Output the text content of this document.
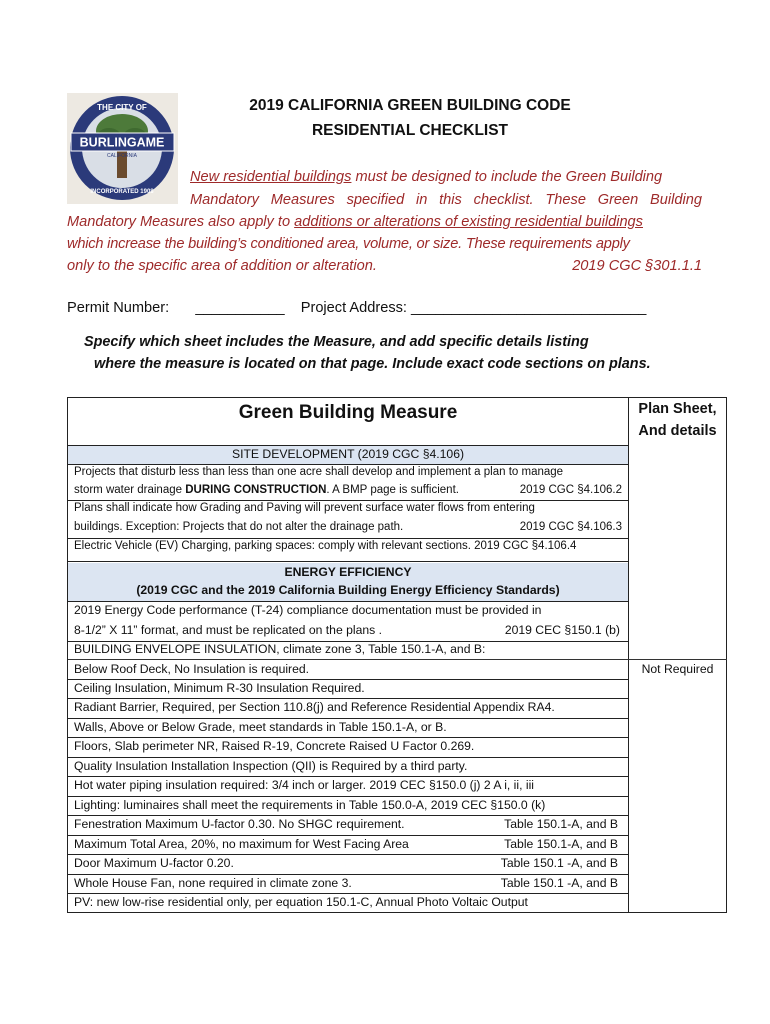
BURLINGAME
CALIFORNIA
THE CITY OF
INCORPORATED 1908
2019 CALIFORNIA GREEN BUILDING CODE
RESIDENTIAL CHECKLIST
New residential buildings must be designed to include the Green Building
Mandatory Measures specified in this checklist. These Green Building
Mandatory Measures also apply to additions or alterations of existing residential buildings
which increase the building’s conditioned area, volume, or size. These requirements apply
only to the specific area of addition or alteration.	2019 CGC §301.1.1
Permit Number: ___________ Project Address: _____________________________
Specify which sheet includes the Measure, and add specific details listing
where the measure is located on that page. Include exact code sections on plans.
Green Building Measure	Plan Sheet,
And details
SITE DEVELOPMENT (2019 CGC §4.106)
Projects that disturb less than less than one acre shall develop and implement a plan to manage
storm water drainage DURING CONSTRUCTION. A BMP page is sufficient.	2019 CGC §4.106.2
Plans shall indicate how Grading and Paving will prevent surface water flows from entering
buildings. Exception: Projects that do not alter the drainage path.	2019 CGC §4.106.3
Electric Vehicle (EV) Charging, parking spaces: comply with relevant sections. 2019 CGC §4.106.4
ENERGY EFFICIENCY
(2019 CGC and the 2019 California Building Energy Efficiency Standards)
2019 Energy Code performance (T-24) compliance documentation must be provided in
8-1/2” X 11” format, and must be replicated on the plans .	2019 CEC §150.1 (b)
BUILDING ENVELOPE INSULATION, climate zone 3, Table 150.1-A, and B:
Below Roof Deck, No Insulation is required.	Not Required
Ceiling Insulation, Minimum R-30 Insulation Required.
Radiant Barrier, Required, per Section 110.8(j) and Reference Residential Appendix RA4.
Walls, Above or Below Grade, meet standards in Table 150.1-A, or B.
Floors, Slab perimeter NR, Raised R-19, Concrete Raised U Factor 0.269.
Quality Insulation Installation Inspection (QII) is Required by a third party.
Hot water piping insulation required: 3/4 inch or larger. 2019 CEC §150.0 (j) 2 A i, ii, iii
Lighting: luminaires shall meet the requirements in Table 150.0-A, 2019 CEC §150.0 (k)
Fenestration Maximum U-factor 0.30. No SHGC requirement.	Table 150.1-A, and B
Maximum Total Area, 20%, no maximum for West Facing Area	Table 150.1-A, and B
Door Maximum U-factor 0.20.	Table 150.1 -A, and B
Whole House Fan, none required in climate zone 3.	Table 150.1 -A, and B
PV: new low-rise residential only, per equation 150.1-C, Annual Photo Voltaic Output
